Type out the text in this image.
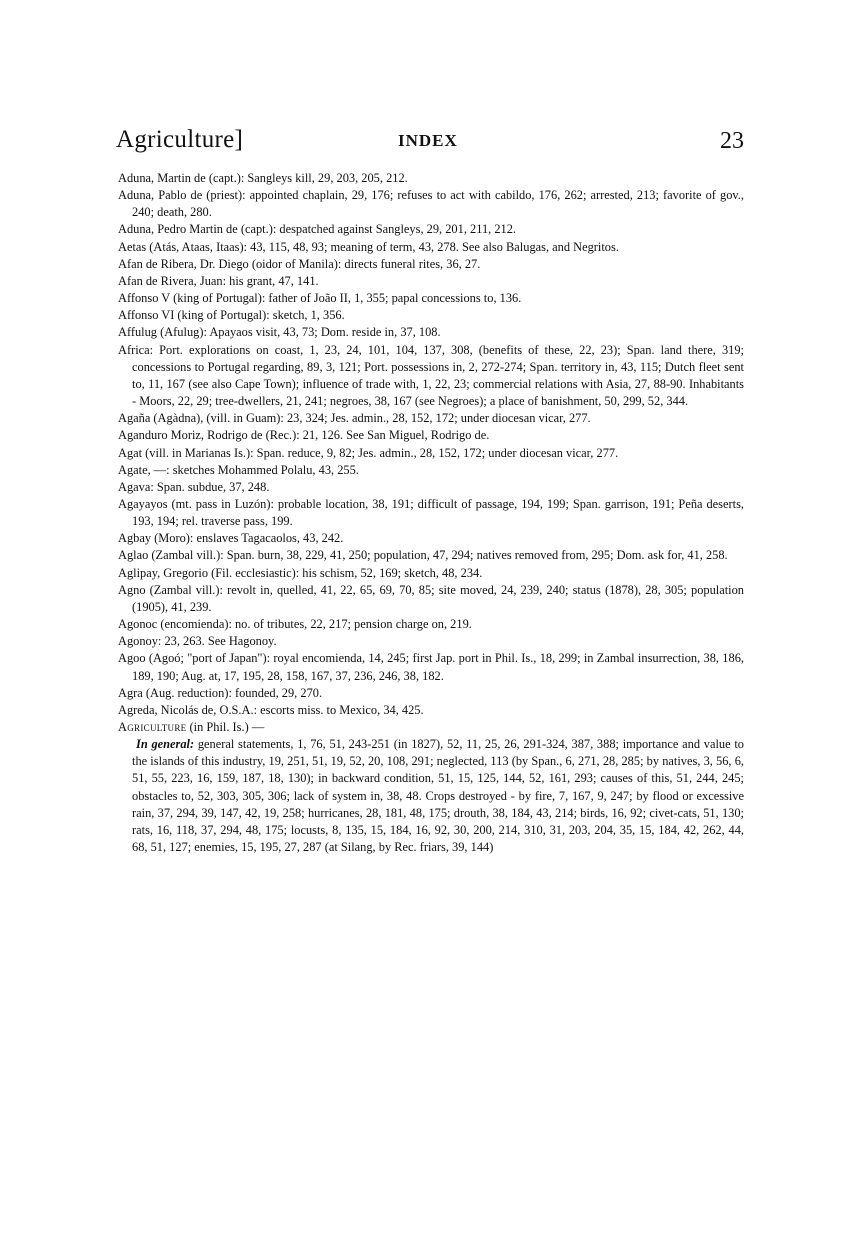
Agriculture]	INDEX	23

Aduna, Martin de (capt.): Sangleys kill, 29, 203, 205, 212.

Aduna, Pablo de (priest): appointed chaplain, 29, 176; refuses to act with cabildo, 176, 262; arrested, 213; favorite of gov., 240; death, 280.

Aduna, Pedro Martin de (capt.): despatched against Sangleys, 29, 201, 211, 212.

Aetas (Atás, Ataas, Itaas): 43, 115, 48, 93; meaning of term, 43, 278. See also Balugas, and Negritos.

Afan de Ribera, Dr. Diego (oidor of Manila): directs funeral rites, 36, 27.

Afan de Rivera, Juan: his grant, 47, 141.

Affonso V (king of Portugal): father of João II, 1, 355; papal concessions to, 136.

Affonso VI (king of Portugal): sketch, 1, 356.

Affulug (Afulug): Apayaos visit, 43, 73; Dom. reside in, 37, 108.

Africa: Port. explorations on coast, 1, 23, 24, 101, 104, 137, 308, (benefits of these, 22, 23); Span. land there, 319; concessions to Portugal regarding, 89, 3, 121; Port. possessions in, 2, 272-274; Span. territory in, 43, 115; Dutch fleet sent to, 11, 167 (see also Cape Town); influence of trade with, 1, 22, 23; commercial relations with Asia, 27, 88-90. Inhabitants - Moors, 22, 29; tree-dwellers, 21, 241; negroes, 38, 167 (see Negroes); a place of banishment, 50, 299, 52, 344.

Agaña (Agàdna), (vill. in Guam): 23, 324; Jes. admin., 28, 152, 172; under diocesan vicar, 277.

Aganduro Moriz, Rodrigo de (Rec.): 21, 126. See San Miguel, Rodrigo de.

Agat (vill. in Marianas Is.): Span. reduce, 9, 82; Jes. admin., 28, 152, 172; under diocesan vicar, 277.

Agate, —: sketches Mohammed Polalu, 43, 255.

Agava: Span. subdue, 37, 248.

Agayayos (mt. pass in Luzón): probable location, 38, 191; difficult of passage, 194, 199; Span. garrison, 191; Peña deserts, 193, 194; rel. traverse pass, 199.

Agbay (Moro): enslaves Tagacaolos, 43, 242.

Aglao (Zambal vill.): Span. burn, 38, 229, 41, 250; population, 47, 294; natives removed from, 295; Dom. ask for, 41, 258.

Aglipay, Gregorio (Fil. ecclesiastic): his schism, 52, 169; sketch, 48, 234.

Agno (Zambal vill.): revolt in, quelled, 41, 22, 65, 69, 70, 85; site moved, 24, 239, 240; status (1878), 28, 305; population (1905), 41, 239.

Agonoc (encomienda): no. of tributes, 22, 217; pension charge on, 219.

Agonoy: 23, 263. See Hagonoy.

Agoo (Agoó; "port of Japan"): royal encomienda, 14, 245; first Jap. port in Phil. Is., 18, 299; in Zambal insurrection, 38, 186, 189, 190; Aug. at, 17, 195, 28, 158, 167, 37, 236, 246, 38, 182.

Agra (Aug. reduction): founded, 29, 270.

Agreda, Nicolás de, O.S.A.: escorts miss. to Mexico, 34, 425.

Agriculture (in Phil. Is.) —

In general: general statements, 1, 76, 51, 243-251 (in 1827), 52, 11, 25, 26, 291-324, 387, 388; importance and value to the islands of this industry, 19, 251, 51, 19, 52, 20, 108, 291; neglected, 113 (by Span., 6, 271, 28, 285; by natives, 3, 56, 6, 51, 55, 223, 16, 159, 187, 18, 130); in backward condition, 51, 15, 125, 144, 52, 161, 293; causes of this, 51, 244, 245; obstacles to, 52, 303, 305, 306; lack of system in, 38, 48. Crops destroyed - by fire, 7, 167, 9, 247; by flood or excessive rain, 37, 294, 39, 147, 42, 19, 258; hurricanes, 28, 181, 48, 175; drouth, 38, 184, 43, 214; birds, 16, 92; civet-cats, 51, 130; rats, 16, 118, 37, 294, 48, 175; locusts, 8, 135, 15, 184, 16, 92, 30, 200, 214, 310, 31, 203, 204, 35, 15, 184, 42, 262, 44, 68, 51, 127; enemies, 15, 195, 27, 287 (at Silang, by Rec. friars, 39, 144)
